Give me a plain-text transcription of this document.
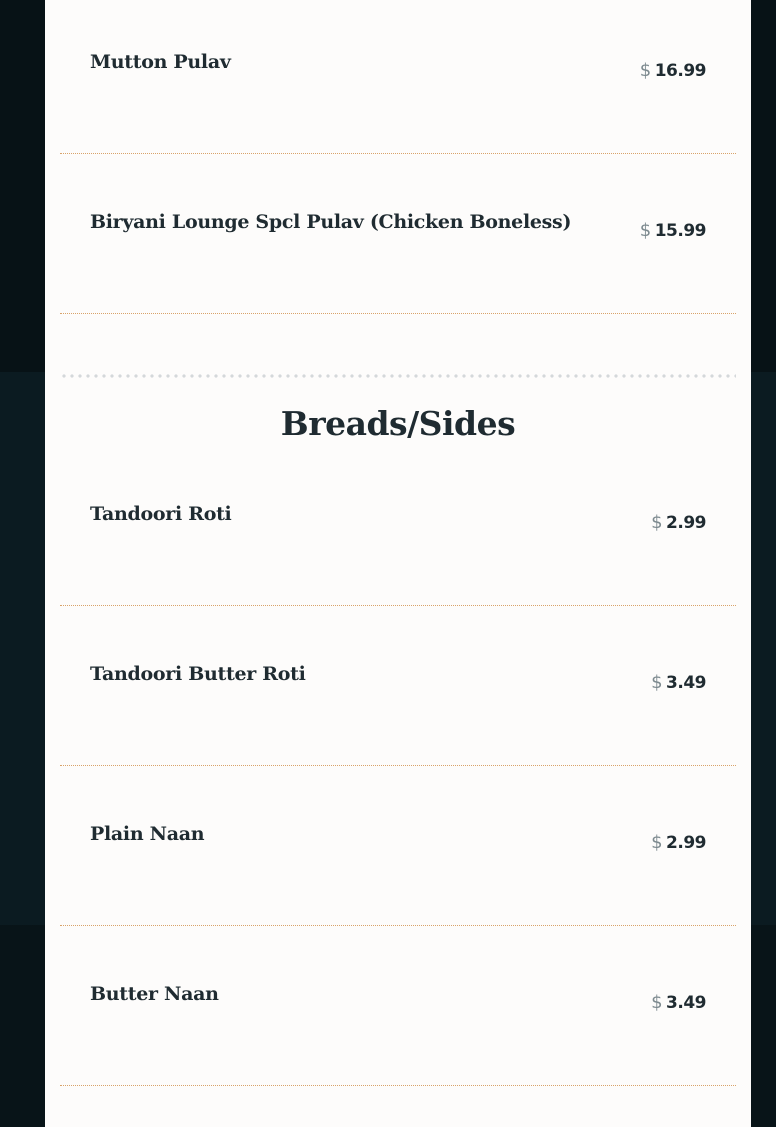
Mutton Pulav	$ 16.99
Biryani Lounge Spcl Pulav (Chicken Boneless)	$ 15.99
Breads/Sides
Tandoori Roti	$ 2.99
Tandoori Butter Roti	$ 3.49
Plain Naan	$ 2.99
Butter Naan	$ 3.49
